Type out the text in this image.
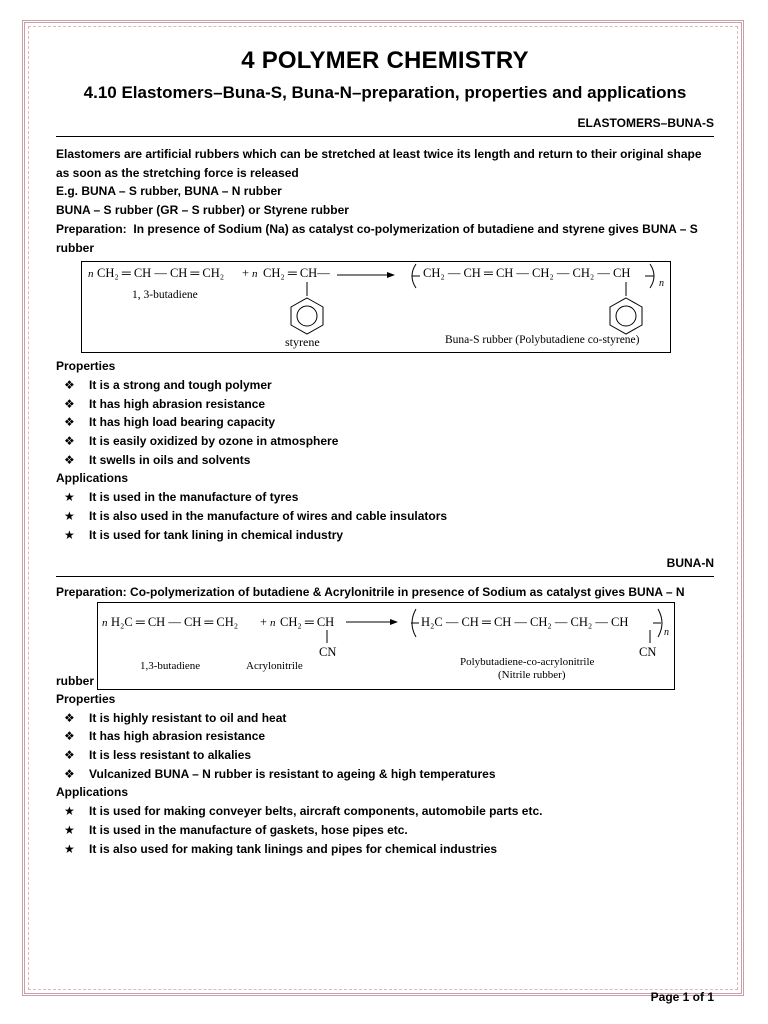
4 POLYMER CHEMISTRY
4.10 Elastomers–Buna-S, Buna-N–preparation, properties and applications
ELASTOMERS–BUNA-S

Elastomers are artificial rubbers which can be stretched at least twice its length and return to their original shape

as soon as the stretching force is released

E.g. BUNA – S rubber, BUNA – N rubber

BUNA – S rubber (GR – S rubber) or Styrene rubber

Preparation: In presence of Sodium (Na) as catalyst co-polymerization of butadiene and styrene gives BUNA – S

rubber

n CH₂ ═ CH — CH ═ CH₂ + n CH₂ ═ CH—
1, 3-butadiene
styrene
CH₂ — CH ═ CH — CH₂ — CH₂ — CH
n
Buna-S rubber (Polybutadiene co-styrene)

Properties

❖ It is a strong and tough polymer
❖ It has high abrasion resistance
❖ It has high load bearing capacity
❖ It is easily oxidized by ozone in atmosphere
❖ It swells in oils and solvents

Applications

★ It is used in the manufacture of tyres
★ It is also used in the manufacture of wires and cable insulators
★ It is used for tank lining in chemical industry
BUNA-N

Preparation: Co-polymerization of butadiene & Acrylonitrile in presence of Sodium as catalyst gives BUNA – N

n H₂C ═ CH — CH ═ CH₂ + n CH₂ ═ CH
CN
1,3-butadiene	Acrylonitrile
H₂C — CH ═ CH — CH₂ — CH₂ — CH
n
CN
Polybutadiene-co-acrylonitrile
(Nitrile rubber)
rubber

Properties

❖ It is highly resistant to oil and heat
❖ It has high abrasion resistance
❖ It is less resistant to alkalies
❖ Vulcanized BUNA – N rubber is resistant to ageing & high temperatures

Applications

★ It is used for making conveyer belts, aircraft components, automobile parts etc.
★ It is used in the manufacture of gaskets, hose pipes etc.
★ It is also used for making tank linings and pipes for chemical industries
Page 1 of 1
